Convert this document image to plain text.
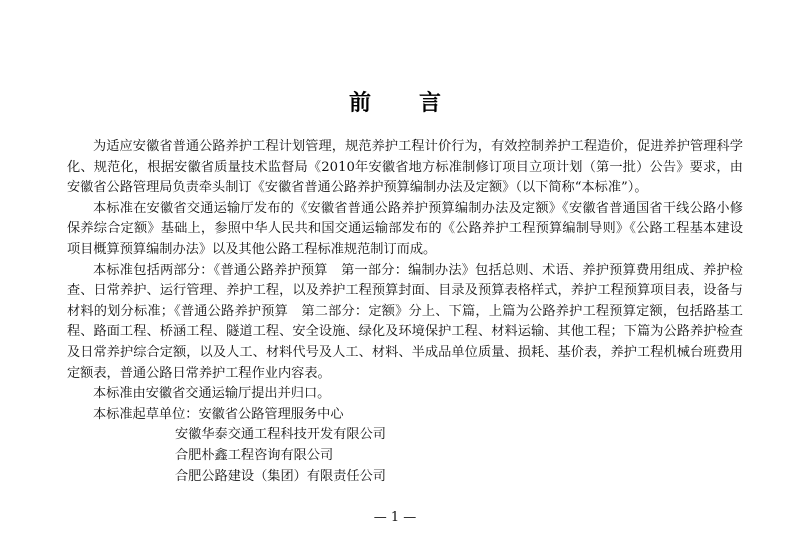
前 言

为适应安徽省普通公路养护工程计划管理，规范养护工程计价行为，有效控制养护工程造价，促进养护管理科学化、规范化，根据安徽省质量技术监督局《2010年安徽省地方标准制修订项目立项计划（第一批）公告》要求，由安徽省公路管理局负责牵头制订《安徽省普通公路养护预算编制办法及定额》（以下简称“本标准”）。

本标准在安徽省交通运输厅发布的《安徽省普通公路养护预算编制办法及定额》《安徽省普通国省干线公路小修保养综合定额》基础上，参照中华人民共和国交通运输部发布的《公路养护工程预算编制导则》《公路工程基本建设项目概算预算编制办法》以及其他公路工程标准规范制订而成。

本标准包括两部分：《普通公路养护预算　第一部分：编制办法》包括总则、术语、养护预算费用组成、养护检查、日常养护、运行管理、养护工程，以及养护工程预算封面、目录及预算表格样式，养护工程预算项目表，设备与材料的划分标准；《普通公路养护预算　第二部分：定额》分上、下篇，上篇为公路养护工程预算定额，包括路基工程、路面工程、桥涵工程、隧道工程、安全设施、绿化及环境保护工程、材料运输、其他工程；下篇为公路养护检查及日常养护综合定额，以及人工、材料代号及人工、材料、半成品单位质量、损耗、基价表，养护工程机械台班费用定额表，普通公路日常养护工程作业内容表。

本标准由安徽省交通运输厅提出并归口。

本标准起草单位：安徽省公路管理服务中心
安徽华泰交通工程科技开发有限公司
合肥朴鑫工程咨询有限公司
合肥公路建设（集团）有限责任公司
— 1 —
